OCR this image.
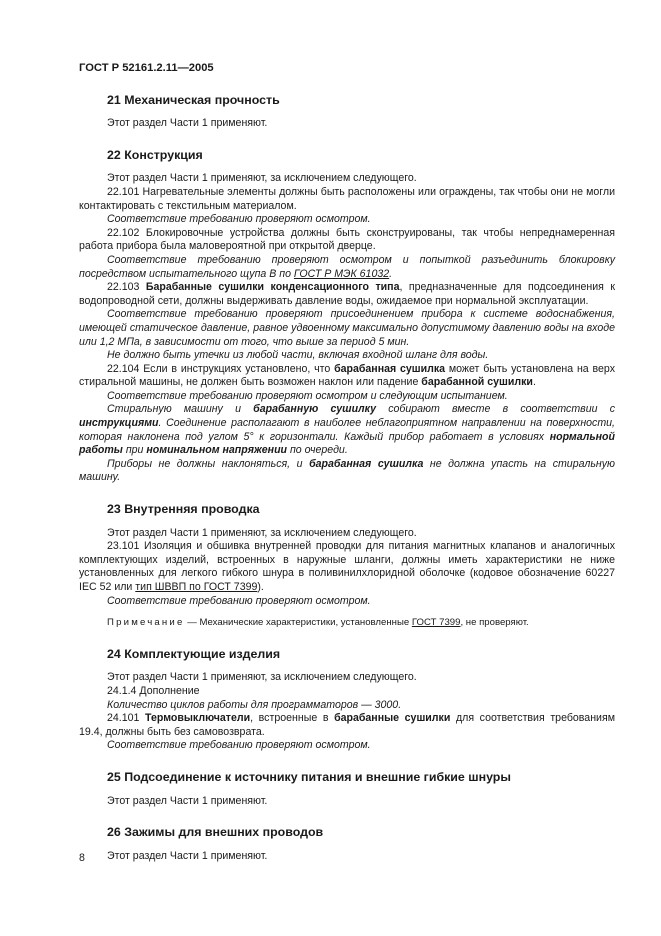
ГОСТ Р 52161.2.11—2005
21 Механическая прочность

Этот раздел Части 1 применяют.

22 Конструкция

Этот раздел Части 1 применяют, за исключением следующего.

22.101 Нагревательные элементы должны быть расположены или ограждены, так чтобы они не могли контактировать с текстильным материалом.

Соответствие требованию проверяют осмотром.

22.102 Блокировочные устройства должны быть сконструированы, так чтобы непреднамеренная работа прибора была маловероятной при открытой дверце.

Соответствие требованию проверяют осмотром и попыткой разъединить блокировку посредством испытательного щупа В по ГОСТ Р МЭК 61032.

22.103 Барабанные сушилки конденсационного типа, предназначенные для подсоединения к водопроводной сети, должны выдерживать давление воды, ожидаемое при нормальной эксплуатации.

Соответствие требованию проверяют присоединением прибора к системе водоснабжения, имеющей статическое давление, равное удвоенному максимально допустимому давлению воды на входе или 1,2 МПа, в зависимости от того, что выше за период 5 мин.

Не должно быть утечки из любой части, включая входной шланг для воды.

22.104 Если в инструкциях установлено, что барабанная сушилка может быть установлена на верх стиральной машины, не должен быть возможен наклон или падение барабанной сушилки.

Соответствие требованию проверяют осмотром и следующим испытанием.

Стиральную машину и барабанную сушилку собирают вместе в соответствии с инструкциями. Соединение располагают в наиболее неблагоприятном направлении на поверхности, которая наклонена под углом 5° к горизонтали. Каждый прибор работает в условиях нормальной работы при номинальном напряжении по очереди.

Приборы не должны наклоняться, и барабанная сушилка не должна упасть на стиральную машину.

23 Внутренняя проводка

Этот раздел Части 1 применяют, за исключением следующего.

23.101 Изоляция и обшивка внутренней проводки для питания магнитных клапанов и аналогичных комплектующих изделий, встроенных в наружные шланги, должны иметь характеристики не ниже установленных для легкого гибкого шнура в поливинилхлоридной оболочке (кодовое обозначение 60227 IEC 52 или тип ШВВП по ГОСТ 7399).

Соответствие требованию проверяют осмотром.

Примечание — Механические характеристики, установленные ГОСТ 7399, не проверяют.

24 Комплектующие изделия

Этот раздел Части 1 применяют, за исключением следующего.

24.1.4 Дополнение

Количество циклов работы для программаторов — 3000.

24.101 Термовыключатели, встроенные в барабанные сушилки для соответствия требованиям 19.4, должны быть без самовозврата.

Соответствие требованию проверяют осмотром.

25 Подсоединение к источнику питания и внешние гибкие шнуры

Этот раздел Части 1 применяют.

26 Зажимы для внешних проводов

Этот раздел Части 1 применяют.

8
